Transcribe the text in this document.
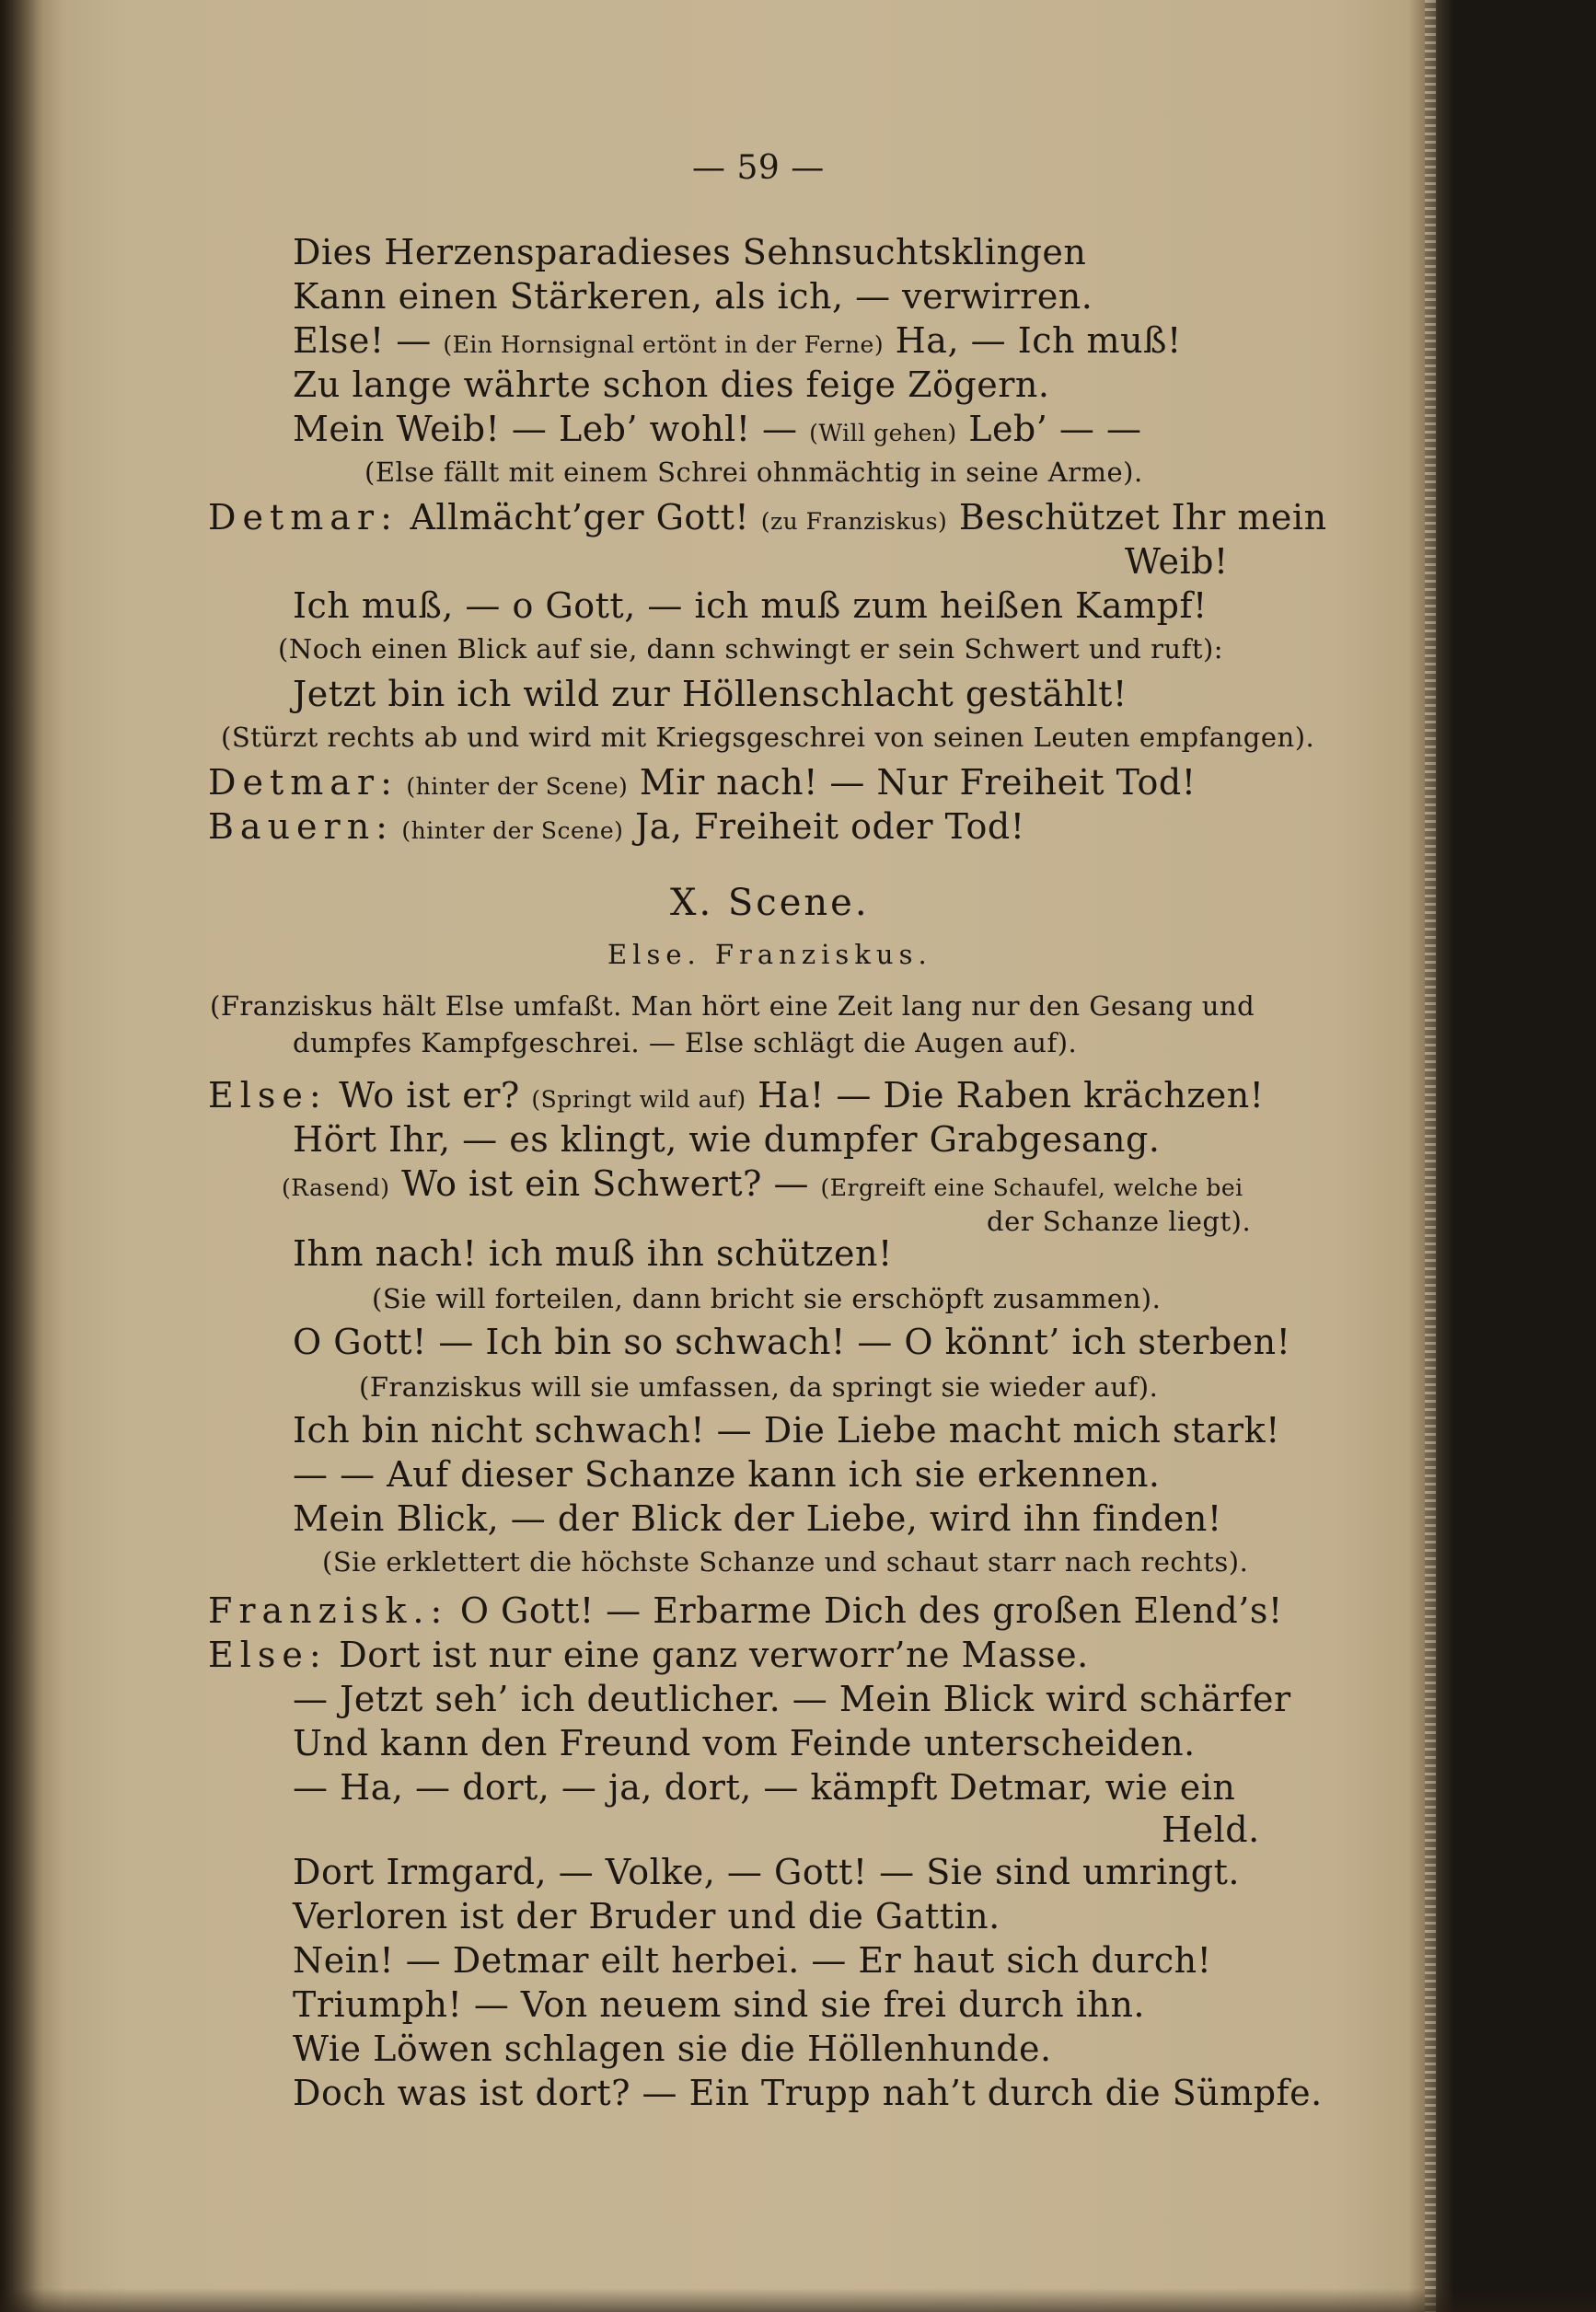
— 59 —
Dies Herzensparadieses Sehnsuchtsklingen
Kann einen Stärkeren, als ich, — verwirren.
Else! — (Ein Hornsignal ertönt in der Ferne) Ha, — Ich muß!
Zu lange währte schon dies feige Zögern.
Mein Weib! — Leb’ wohl! — (Will gehen) Leb’ — —
(Else fällt mit einem Schrei ohnmächtig in seine Arme).
Detmar: Allmächt’ger Gott! (zu Franziskus) Beschützet Ihr mein
Weib!
Ich muß, — o Gott, — ich muß zum heißen Kampf!
(Noch einen Blick auf sie, dann schwingt er sein Schwert und ruft):
Jetzt bin ich wild zur Höllenschlacht gestählt!
(Stürzt rechts ab und wird mit Kriegsgeschrei von seinen Leuten empfangen).
Detmar: (hinter der Scene) Mir nach! — Nur Freiheit Tod!
Bauern: (hinter der Scene) Ja, Freiheit oder Tod!
X. Scene.
Else. Franziskus.
(Franziskus hält Else umfaßt. Man hört eine Zeit lang nur den Gesang und
dumpfes Kampfgeschrei. — Else schlägt die Augen auf).
Else: Wo ist er? (Springt wild auf) Ha! — Die Raben krächzen!
Hört Ihr, — es klingt, wie dumpfer Grabgesang.
(Rasend) Wo ist ein Schwert? — (Ergreift eine Schaufel, welche bei
der Schanze liegt).
Ihm nach! ich muß ihn schützen!
(Sie will forteilen, dann bricht sie erschöpft zusammen).
O Gott! — Ich bin so schwach! — O könnt’ ich sterben!
(Franziskus will sie umfassen, da springt sie wieder auf).
Ich bin nicht schwach! — Die Liebe macht mich stark!
— — Auf dieser Schanze kann ich sie erkennen.
Mein Blick, — der Blick der Liebe, wird ihn finden!
(Sie erklettert die höchste Schanze und schaut starr nach rechts).
Franzisk.: O Gott! — Erbarme Dich des großen Elend’s!
Else: Dort ist nur eine ganz verworr’ne Masse.
— Jetzt seh’ ich deutlicher. — Mein Blick wird schärfer
Und kann den Freund vom Feinde unterscheiden.
— Ha, — dort, — ja, dort, — kämpft Detmar, wie ein
Held.
Dort Irmgard, — Volke, — Gott! — Sie sind umringt.
Verloren ist der Bruder und die Gattin.
Nein! — Detmar eilt herbei. — Er haut sich durch!
Triumph! — Von neuem sind sie frei durch ihn.
Wie Löwen schlagen sie die Höllenhunde.
Doch was ist dort? — Ein Trupp nah’t durch die Sümpfe.
